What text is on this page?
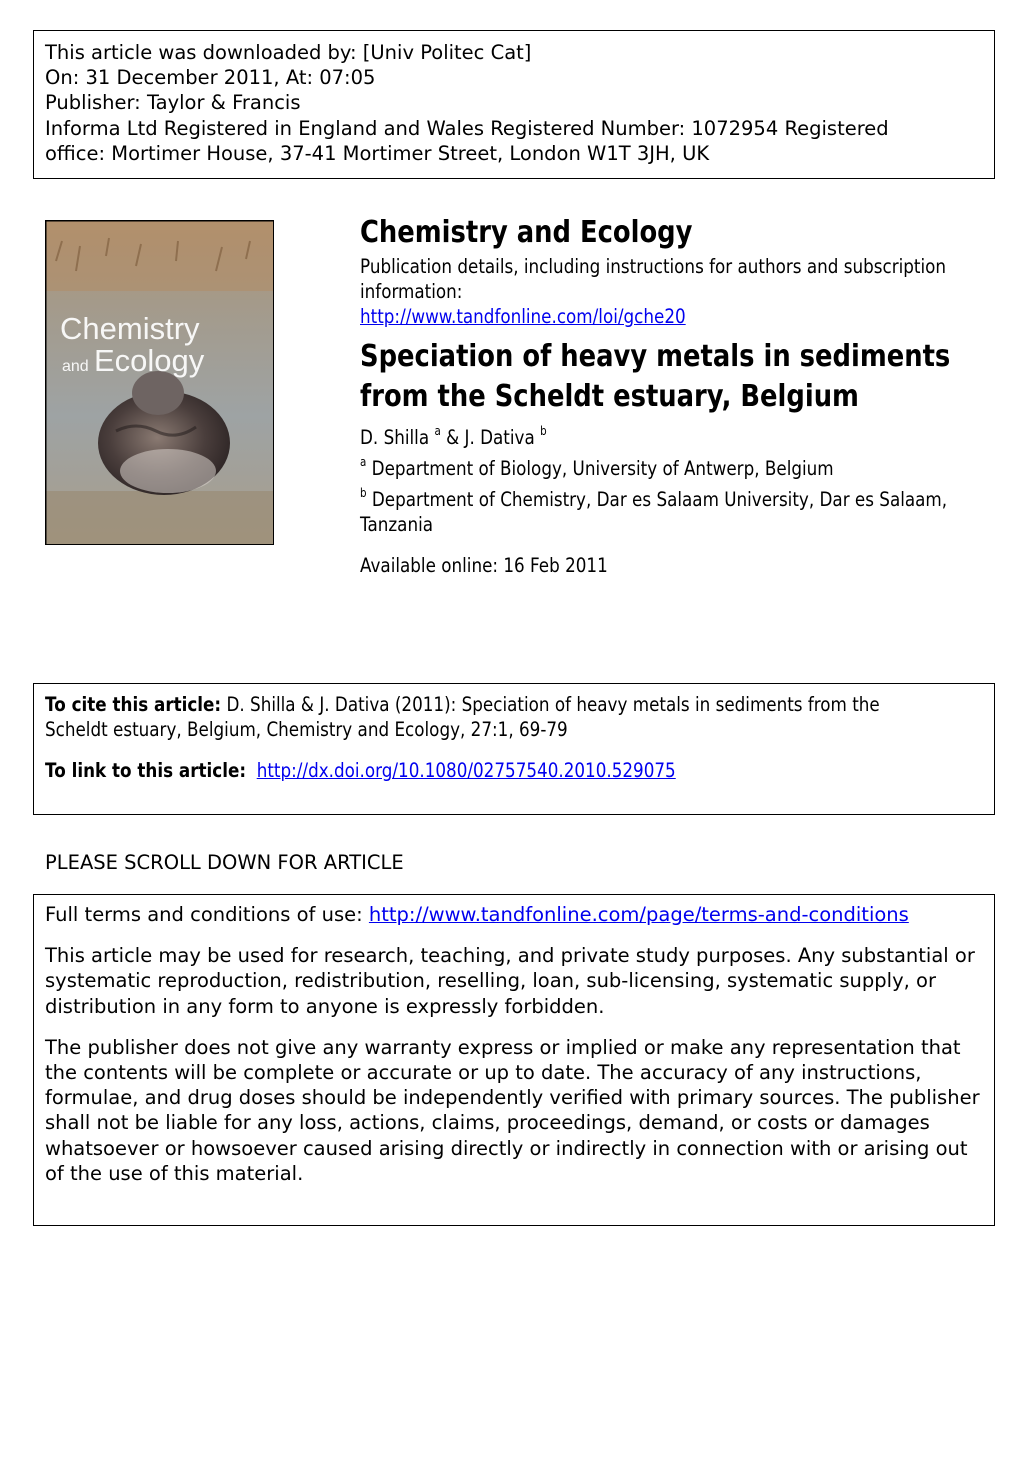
This article was downloaded by: [Univ Politec Cat]
On: 31 December 2011, At: 07:05
Publisher: Taylor & Francis
Informa Ltd Registered in England and Wales Registered Number: 1072954 Registered
office: Mortimer House, 37-41 Mortimer Street, London W1T 3JH, UK
Chemistry
and Ecology
Chemistry and Ecology
Publication details, including instructions for authors and subscription information:
http://www.tandfonline.com/loi/gche20
Speciation of heavy metals in sediments from the Scheldt estuary, Belgium
D. Shilla $^a$ & J. Dativa $^b$
$^a$ Department of Biology, University of Antwerp, Belgium
$^b$ Department of Chemistry, Dar es Salaam University, Dar es Salaam, Tanzania
Available online: 16 Feb 2011
To cite this article: D. Shilla & J. Dativa (2011): Speciation of heavy metals in sediments from the Scheldt estuary, Belgium, Chemistry and Ecology, 27:1, 69-79
To link to this article: http://dx.doi.org/10.1080/02757540.2010.529075
PLEASE SCROLL DOWN FOR ARTICLE

Full terms and conditions of use: http://www.tandfonline.com/page/terms-and-conditions

This article may be used for research, teaching, and private study purposes. Any substantial or systematic reproduction, redistribution, reselling, loan, sub-licensing, systematic supply, or distribution in any form to anyone is expressly forbidden.

The publisher does not give any warranty express or implied or make any representation that the contents will be complete or accurate or up to date. The accuracy of any instructions, formulae, and drug doses should be independently verified with primary sources. The publisher shall not be liable for any loss, actions, claims, proceedings, demand, or costs or damages whatsoever or howsoever caused arising directly or indirectly in connection with or arising out of the use of this material.
